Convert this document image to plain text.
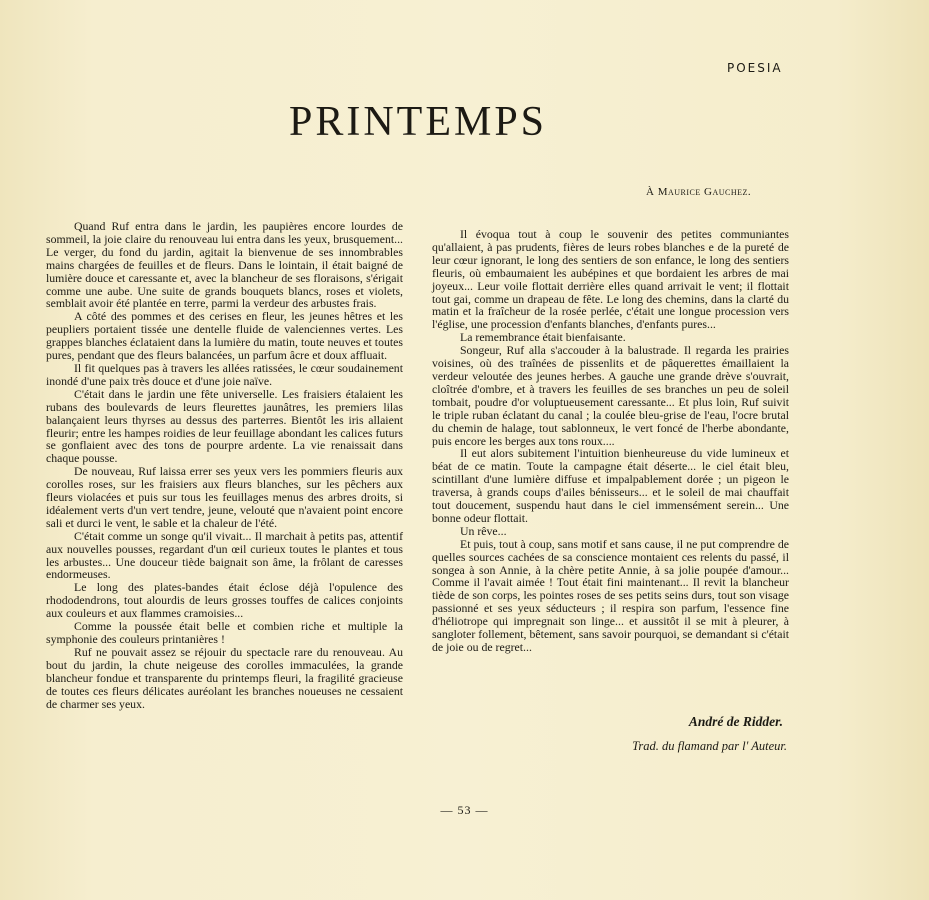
POESIA
PRINTEMPS
À Maurice Gauchez.

Quand Ruf entra dans le jardin, les paupières encore lourdes de sommeil, la joie claire du renouveau lui entra dans les yeux, brusquement... Le verger, du fond du jardin, agitait la bienvenue de ses innombrables mains chargées de feuilles et de fleurs. Dans le lointain, il était baigné de lumière douce et caressante et, avec la blancheur de ses floraisons, s'érigait comme une aube. Une suite de grands bouquets blancs, roses et violets, semblait avoir été plantée en terre, parmi la verdeur des arbustes frais.

A côté des pommes et des cerises en fleur, les jeunes hêtres et les peupliers portaient tissée une dentelle fluide de valenciennes vertes. Les grappes blanches éclataient dans la lumière du matin, toute neuves et toutes pures, pendant que des fleurs balancées, un parfum âcre et doux affluait.

Il fit quelques pas à travers les allées ratissées, le cœur soudainement inondé d'une paix très douce et d'une joie naïve.

C'était dans le jardin une fête universelle. Les fraisiers étalaient les rubans des boulevards de leurs fleurettes jaunâtres, les premiers lilas balançaient leurs thyrses au dessus des parterres. Bientôt les iris allaient fleurir; entre les hampes roidies de leur feuillage abondant les calices futurs se gonflaient avec des tons de pourpre ardente. La vie renaissait dans chaque pousse.

De nouveau, Ruf laissa errer ses yeux vers les pommiers fleuris aux corolles roses, sur les fraisiers aux fleurs blanches, sur les pêchers aux fleurs violacées et puis sur tous les feuillages menus des arbres droits, si idéalement verts d'un vert tendre, jeune, velouté que n'avaient point encore sali et durci le vent, le sable et la chaleur de l'été.

C'était comme un songe qu'il vivait... Il marchait à petits pas, attentif aux nouvelles pousses, regardant d'un œil curieux toutes le plantes et tous les arbustes... Une douceur tiède baignait son âme, la frôlant de caresses endormeuses.

Le long des plates-bandes était éclose déjà l'opulence des rhododendrons, tout alourdis de leurs grosses touffes de calices conjoints aux couleurs et aux flammes cramoisies...

Comme la poussée était belle et combien riche et multiple la symphonie des couleurs printanières !

Ruf ne pouvait assez se réjouir du spectacle rare du renouveau. Au bout du jardin, la chute neigeuse des corolles immaculées, la grande blancheur fondue et transparente du printemps fleuri, la fragilité gracieuse de toutes ces fleurs délicates auréolant les branches noueuses ne cessaient de charmer ses yeux.

Il évoqua tout à coup le souvenir des petites communiantes qu'allaient, à pas prudents, fières de leurs robes blanches e de la pureté de leur cœur ignorant, le long des sentiers de son enfance, le long des sentiers fleuris, où embaumaient les aubépines et que bordaient les arbres de mai joyeux... Leur voile flottait derrière elles quand arrivait le vent; il flottait tout gai, comme un drapeau de fête. Le long des chemins, dans la clarté du matin et la fraîcheur de la rosée perlée, c'était une longue procession vers l'église, une procession d'enfants blanches, d'enfants pures...

La remembrance était bienfaisante.

Songeur, Ruf alla s'accouder à la balustrade. Il regarda les prairies voisines, où des traînées de pissenlits et de pâquerettes émaillaient la verdeur veloutée des jeunes herbes. A gauche une grande drève s'ouvrait, cloîtrée d'ombre, et à travers les feuilles de ses branches un peu de soleil tombait, poudre d'or voluptueusement caressante... Et plus loin, Ruf suivit le triple ruban éclatant du canal ; la coulée bleu-grise de l'eau, l'ocre brutal du chemin de halage, tout sablonneux, le vert foncé de l'herbe abondante, puis encore les berges aux tons roux....

Il eut alors subitement l'intuition bienheureuse du vide lumineux et béat de ce matin. Toute la campagne était déserte... le ciel était bleu, scintillant d'une lumière diffuse et impalpablement dorée ; un pigeon le traversa, à grands coups d'ailes bénisseurs... et le soleil de mai chauffait tout doucement, suspendu haut dans le ciel immensément serein... Une bonne odeur flottait.

Un rêve...

Et puis, tout à coup, sans motif et sans cause, il ne put comprendre de quelles sources cachées de sa conscience montaient ces relents du passé, il songea à son Annie, à la chère petite Annie, à sa jolie poupée d'amour... Comme il l'avait aimée ! Tout était fini maintenant... Il revit la blancheur tiède de son corps, les pointes roses de ses petits seins durs, tout son visage passionné et ses yeux séducteurs ; il respira son parfum, l'essence fine d'héliotrope qui impregnait son linge... et aussitôt il se mit à pleurer, à sangloter follement, bêtement, sans savoir pourquoi, se demandant si c'était de joie ou de regret...

André de Ridder.
Trad. du flamand par l' Auteur.
— 53 —
